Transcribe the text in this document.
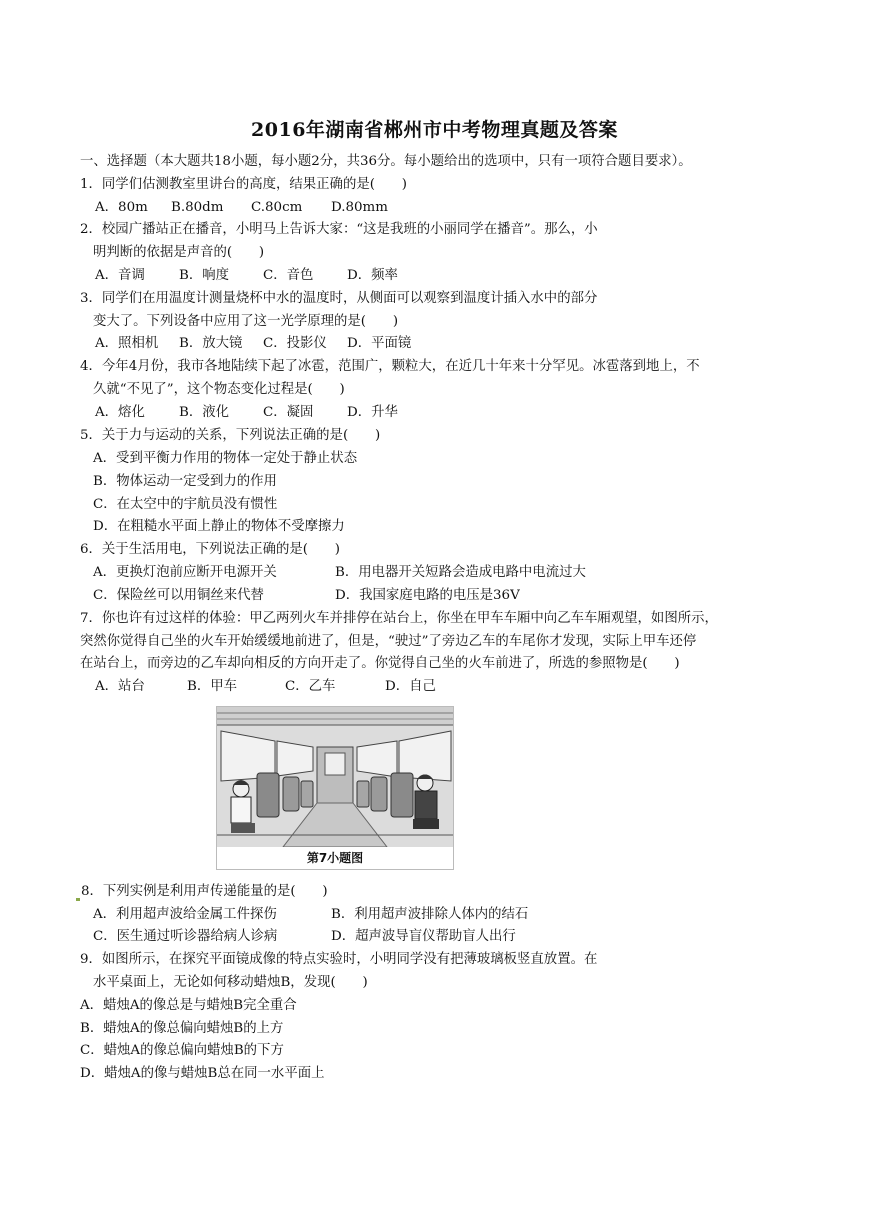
2016年湖南省郴州市中考物理真题及答案
一、选择题（本大题共18小题，每小题2分，共36分。每小题给出的选项中，只有一项符合题目要求）。
1．同学们估测教室里讲台的高度，结果正确的是(　　)
A．80m B.80dm C.80cm D.80mm
2．校园广播站正在播音，小明马上告诉大家：“这是我班的小丽同学在播音”。那么，小
明判断的依据是声音的(　　)
A．音调	B．响度	C．音色	D．频率
3．同学们在用温度计测量烧杯中水的温度时，从侧面可以观察到温度计插入水中的部分
变大了。下列设备中应用了这一光学原理的是(　　)
A．照相机 B．放大镜 C．投影仪 D．平面镜
4．今年4月份，我市各地陆续下起了冰雹，范围广，颗粒大，在近几十年来十分罕见。冰雹落到地上，不
久就“不见了”，这个物态变化过程是(　　)
A．熔化	B．液化	C．凝固	D．升华
5．关于力与运动的关系，下列说法正确的是(　　)
A．受到平衡力作用的物体一定处于静止状态
B．物体运动一定受到力的作用
C．在太空中的宇航员没有惯性
D．在粗糙水平面上静止的物体不受摩擦力
6．关于生活用电，下列说法正确的是(　　)
A．更换灯泡前应断开电源开关	B．用电器开关短路会造成电路中电流过大
C．保险丝可以用铜丝来代替	D．我国家庭电路的电压是36V
7．你也许有过这样的体验：甲乙两列火车并排停在站台上，你坐在甲车车厢中向乙车车厢观望，如图所示，
突然你觉得自己坐的火车开始缓缓地前进了，但是，“驶过”了旁边乙车的车尾你才发现，实际上甲车还停
在站台上，而旁边的乙车却向相反的方向开走了。你觉得自己坐的火车前进了，所选的参照物是(　　)
A．站台	B．甲车	C．乙车	D．自己
第7小题图
8．下列实例是利用声传递能量的是(　　)
A．利用超声波给金属工件探伤	B．利用超声波排除人体内的结石
C．医生通过听诊器给病人诊病	D．超声波导盲仪帮助盲人出行
9．如图所示，在探究平面镜成像的特点实验时，小明同学没有把薄玻璃板竖直放置。在
水平桌面上，无论如何移动蜡烛B，发现(　　)
A．蜡烛A的像总是与蜡烛B完全重合
B．蜡烛A的像总偏向蜡烛B的上方
C．蜡烛A的像总偏向蜡烛B的下方
D．蜡烛A的像与蜡烛B总在同一水平面上
